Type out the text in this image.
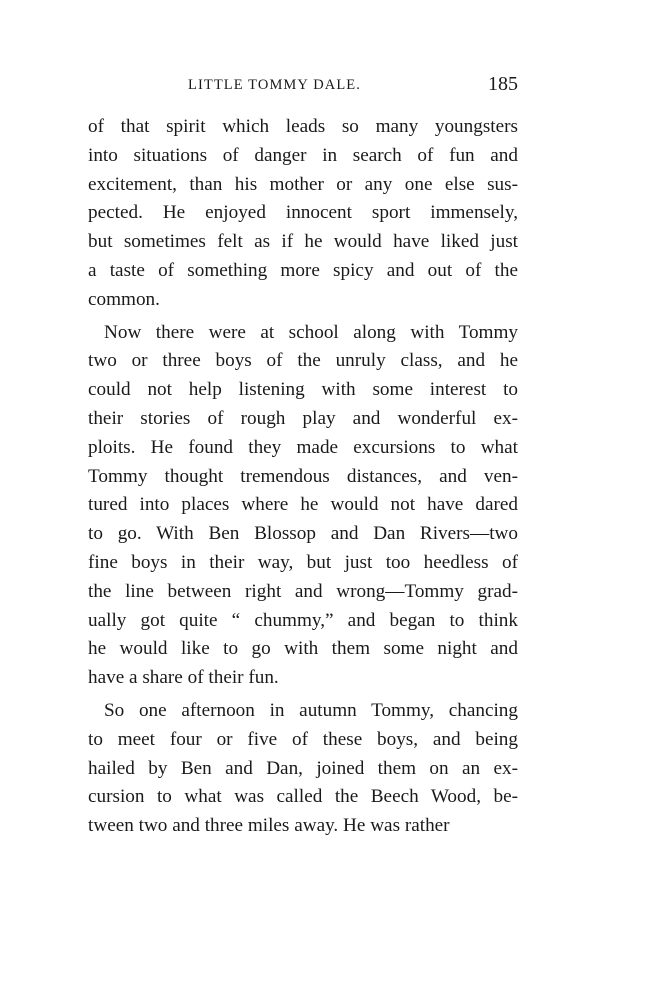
LITTLE TOMMY DALE.	185
of that spirit which leads so many youngsters
into situations of danger in search of fun and
excitement, than his mother or any one else sus-
pected. He enjoyed innocent sport immensely,
but sometimes felt as if he would have liked just
a taste of something more spicy and out of the
common.
Now there were at school along with Tommy
two or three boys of the unruly class, and he
could not help listening with some interest to
their stories of rough play and wonderful ex-
ploits. He found they made excursions to what
Tommy thought tremendous distances, and ven-
tured into places where he would not have dared
to go. With Ben Blossop and Dan Rivers—two
fine boys in their way, but just too heedless of
the line between right and wrong—Tommy grad-
ually got quite “ chummy,” and began to think
he would like to go with them some night and
have a share of their fun.
So one afternoon in autumn Tommy, chancing
to meet four or five of these boys, and being
hailed by Ben and Dan, joined them on an ex-
cursion to what was called the Beech Wood, be-
tween two and three miles away. He was rather
